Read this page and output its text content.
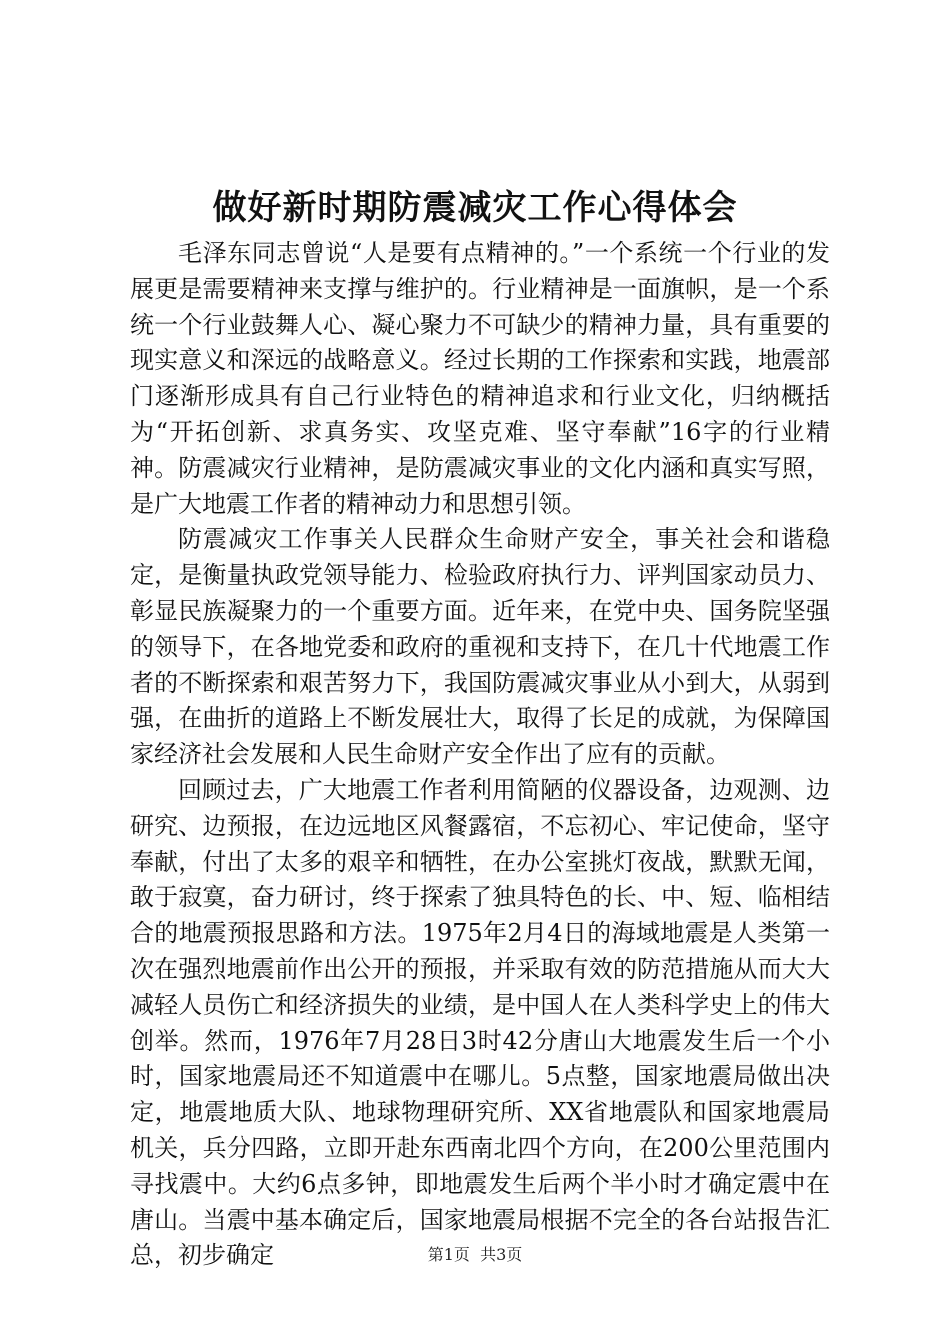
做好新时期防震减灾工作心得体会

毛泽东同志曾说“人是要有点精神的。”一个系统一个行业的发展更是需要精神来支撑与维护的。行业精神是一面旗帜，是一个系统一个行业鼓舞人心、凝心聚力不可缺少的精神力量，具有重要的现实意义和深远的战略意义。经过长期的工作探索和实践，地震部门逐渐形成具有自己行业特色的精神追求和行业文化，归纳概括为“开拓创新、求真务实、攻坚克难、坚守奉献”16字的行业精神。防震减灾行业精神，是防震减灾事业的文化内涵和真实写照，是广大地震工作者的精神动力和思想引领。

防震减灾工作事关人民群众生命财产安全，事关社会和谐稳定，是衡量执政党领导能力、检验政府执行力、评判国家动员力、彰显民族凝聚力的一个重要方面。近年来，在党中央、国务院坚强的领导下，在各地党委和政府的重视和支持下，在几十代地震工作者的不断探索和艰苦努力下，我国防震减灾事业从小到大，从弱到强，在曲折的道路上不断发展壮大，取得了长足的成就，为保障国家经济社会发展和人民生命财产安全作出了应有的贡献。

回顾过去，广大地震工作者利用简陋的仪器设备，边观测、边研究、边预报，在边远地区风餐露宿，不忘初心、牢记使命，坚守奉献，付出了太多的艰辛和牺牲，在办公室挑灯夜战，默默无闻，敢于寂寞，奋力研讨，终于探索了独具特色的长、中、短、临相结合的地震预报思路和方法。1975年2月4日的海域地震是人类第一次在强烈地震前作出公开的预报，并采取有效的防范措施从而大大减轻人员伤亡和经济损失的业绩，是中国人在人类科学史上的伟大创举。然而，1976年7月28日3时42分唐山大地震发生后一个小时，国家地震局还不知道震中在哪儿。5点整，国家地震局做出决定，地震地质大队、地球物理研究所、XX省地震队和国家地震局机关，兵分四路，立即开赴东西南北四个方向，在200公里范围内寻找震中。大约6点多钟，即地震发生后两个半小时才确定震中在唐山。当震中基本确定后，国家地震局根据不完全的各台站报告汇总，初步确定	第1页 共3页
